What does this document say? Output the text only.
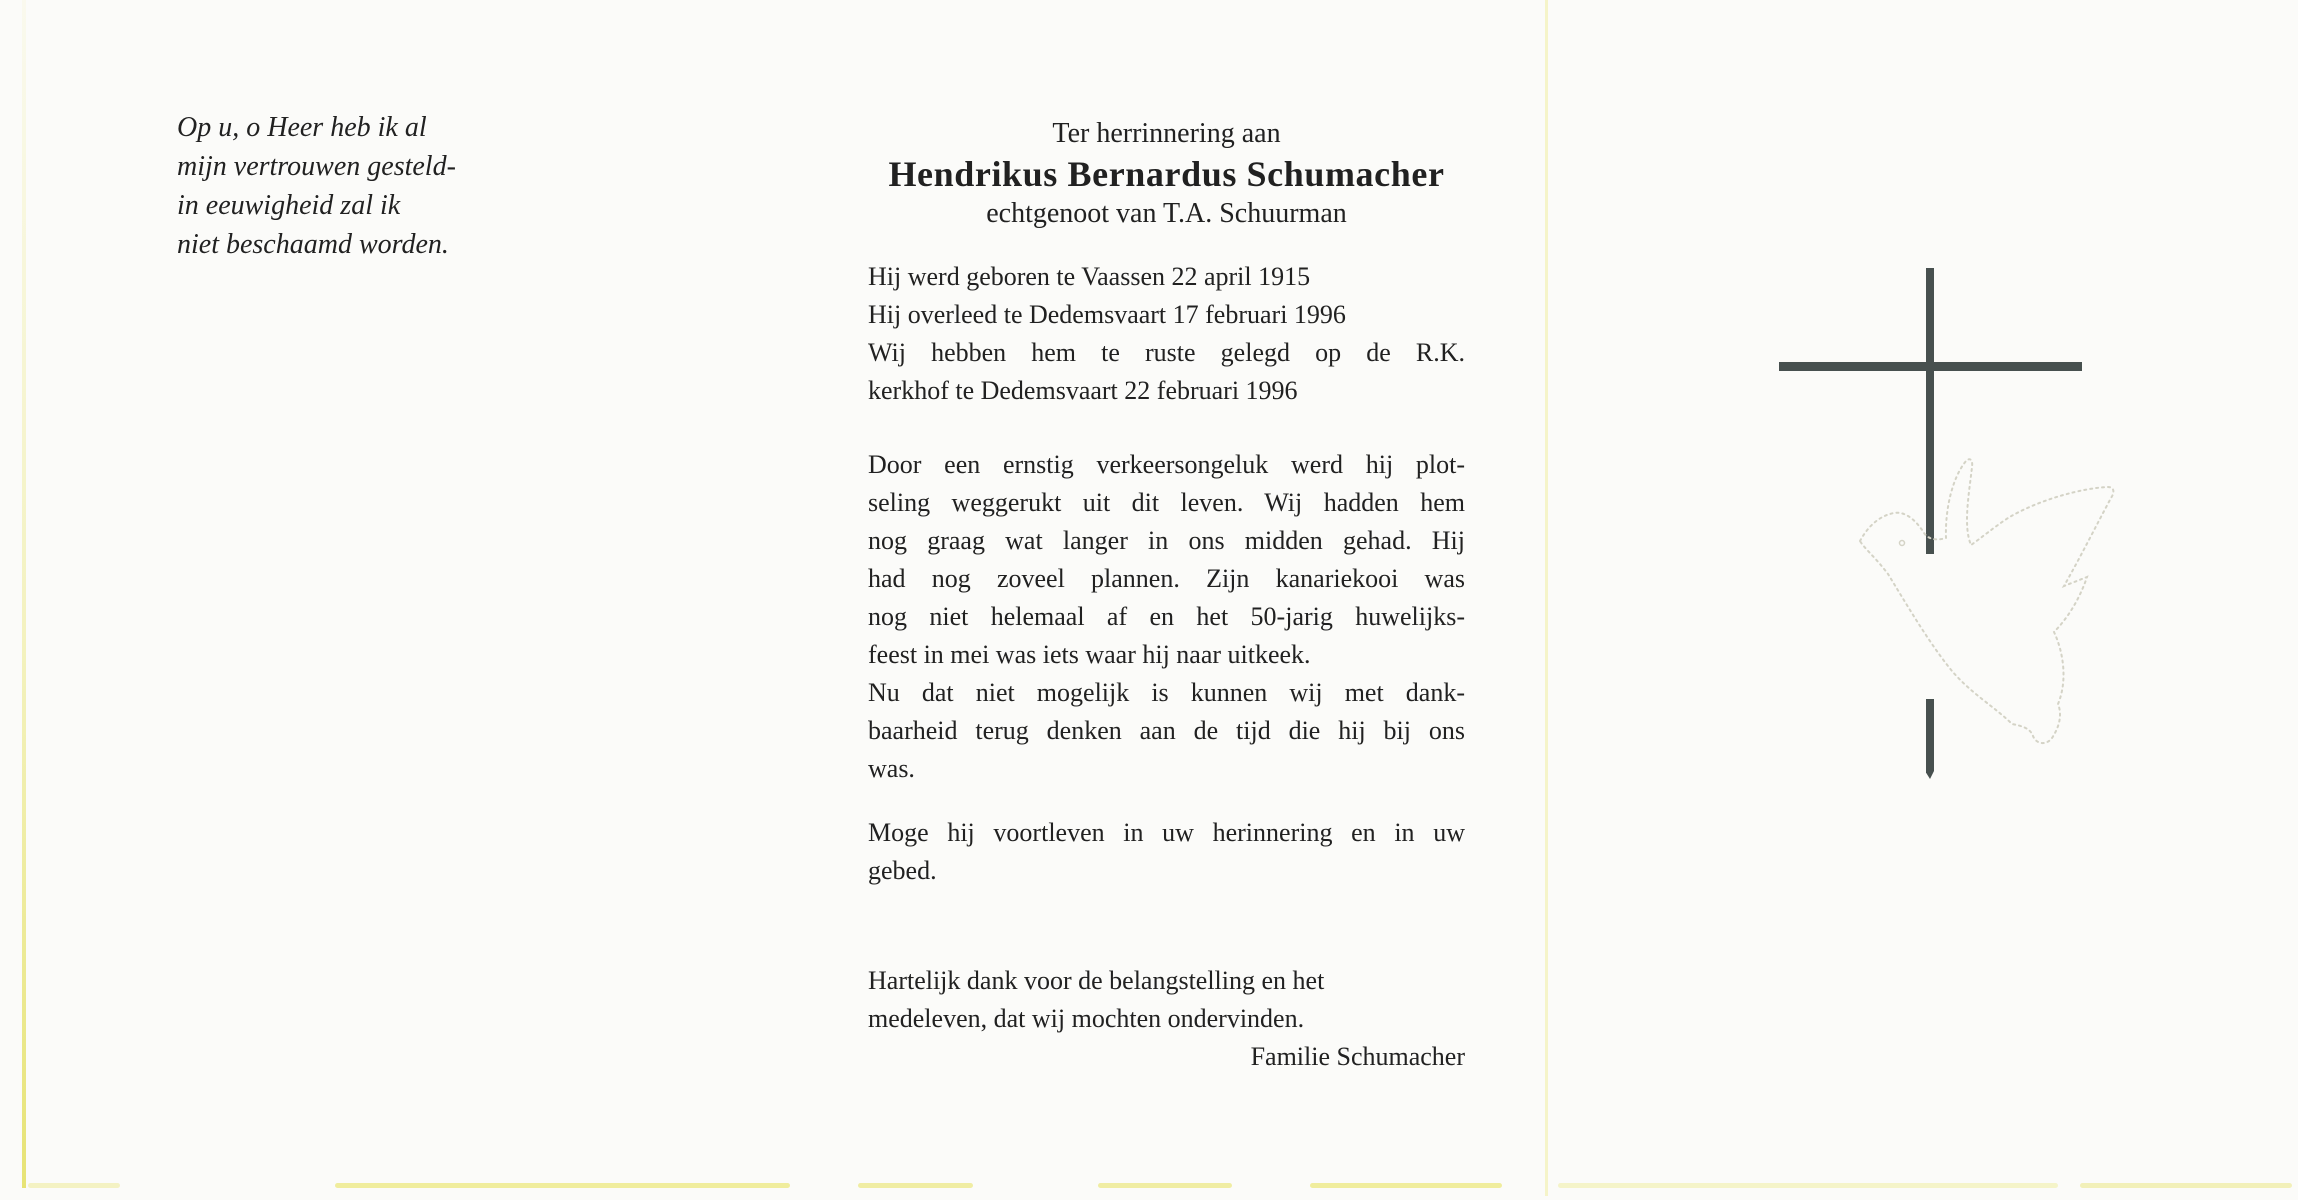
Op u, o Heer heb ik al
mijn vertrouwen gesteld-
in eeuwigheid zal ik
niet beschaamd worden.
Ter herrinnering aan
Hendrikus Bernardus Schumacher
echtgenoot van T.A. Schuurman
Hij werd geboren te Vaassen 22 april 1915
Hij overleed te Dedemsvaart 17 februari 1996
Wij hebben hem te ruste gelegd op de R.K.
kerkhof te Dedemsvaart 22 februari 1996
Door een ernstig verkeersongeluk werd hij plot-
seling weggerukt uit dit leven. Wij hadden hem
nog graag wat langer in ons midden gehad. Hij
had nog zoveel plannen. Zijn kanariekooi was
nog niet helemaal af en het 50-jarig huwelijks-
feest in mei was iets waar hij naar uitkeek.
Nu dat niet mogelijk is kunnen wij met dank-
baarheid terug denken aan de tijd die hij bij ons
was.
Moge hij voortleven in uw herinnering en in uw
gebed.
Hartelijk dank voor de belangstelling en het
medeleven, dat wij mochten ondervinden.
Familie Schumacher
